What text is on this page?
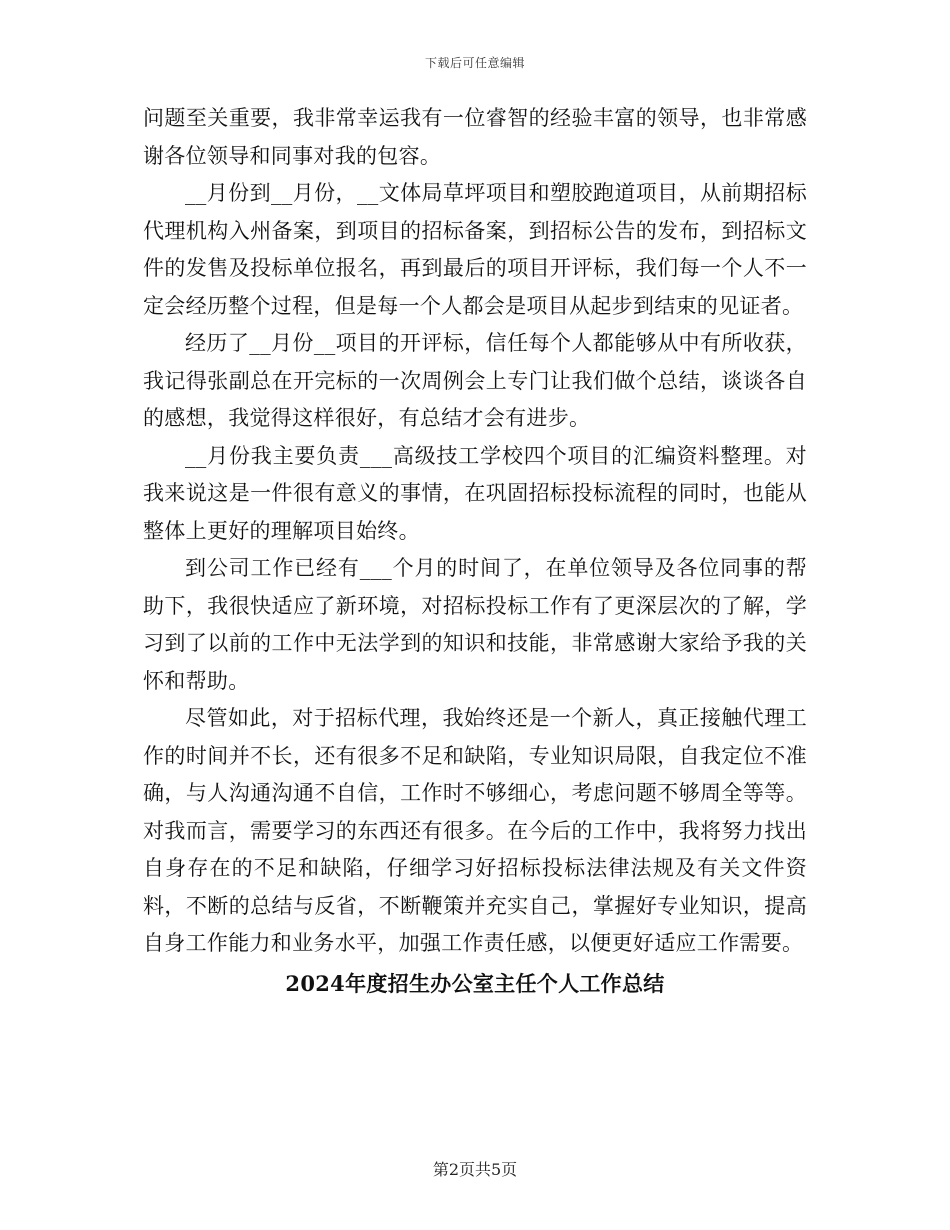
下载后可任意编辑

问题至关重要，我非常幸运我有一位睿智的经验丰富的领导，也非常感谢各位领导和同事对我的包容。

__月份到__月份，__文体局草坪项目和塑胶跑道项目，从前期招标代理机构入州备案，到项目的招标备案，到招标公告的发布，到招标文件的发售及投标单位报名，再到最后的项目开评标，我们每一个人不一定会经历整个过程，但是每一个人都会是项目从起步到结束的见证者。

经历了__月份__项目的开评标，信任每个人都能够从中有所收获，我记得张副总在开完标的一次周例会上专门让我们做个总结，谈谈各自的感想，我觉得这样很好，有总结才会有进步。

__月份我主要负责___高级技工学校四个项目的汇编资料整理。对我来说这是一件很有意义的事情，在巩固招标投标流程的同时，也能从整体上更好的理解项目始终。

到公司工作已经有___个月的时间了，在单位领导及各位同事的帮助下，我很快适应了新环境，对招标投标工作有了更深层次的了解，学习到了以前的工作中无法学到的知识和技能，非常感谢大家给予我的关怀和帮助。

尽管如此，对于招标代理，我始终还是一个新人，真正接触代理工作的时间并不长，还有很多不足和缺陷，专业知识局限，自我定位不准确，与人沟通沟通不自信，工作时不够细心，考虑问题不够周全等等。对我而言，需要学习的东西还有很多。在今后的工作中，我将努力找出自身存在的不足和缺陷，仔细学习好招标投标法律法规及有关文件资料，不断的总结与反省，不断鞭策并充实自己，掌握好专业知识，提高自身工作能力和业务水平，加强工作责任感，以便更好适应工作需要。

2024年度招生办公室主任个人工作总结
第2页共5页
